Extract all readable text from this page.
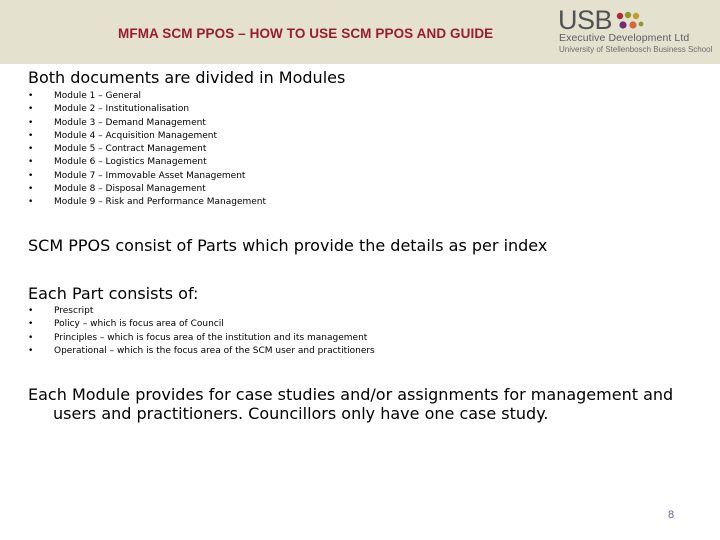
MFMA SCM PPOS – HOW TO USE SCM PPOS AND GUIDE USB
Executive Development Ltd
University of Stellenbosch Business School
Both documents are divided in Modules
• Module 1 – General
• Module 2 – Institutionalisation
• Module 3 – Demand Management
• Module 4 – Acquisition Management
• Module 5 – Contract Management
• Module 6 – Logistics Management
• Module 7 – Immovable Asset Management
• Module 8 – Disposal Management
• Module 9 – Risk and Performance Management
SCM PPOS consist of Parts which provide the details as per index
Each Part consists of:
• Prescript
• Policy – which is focus area of Council
• Principles – which is focus area of the institution and its management
• Operational – which is the focus area of the SCM user and practitioners
Each Module provides for case studies and/or assignments for management and users and practitioners. Councillors only have one case study.
8
